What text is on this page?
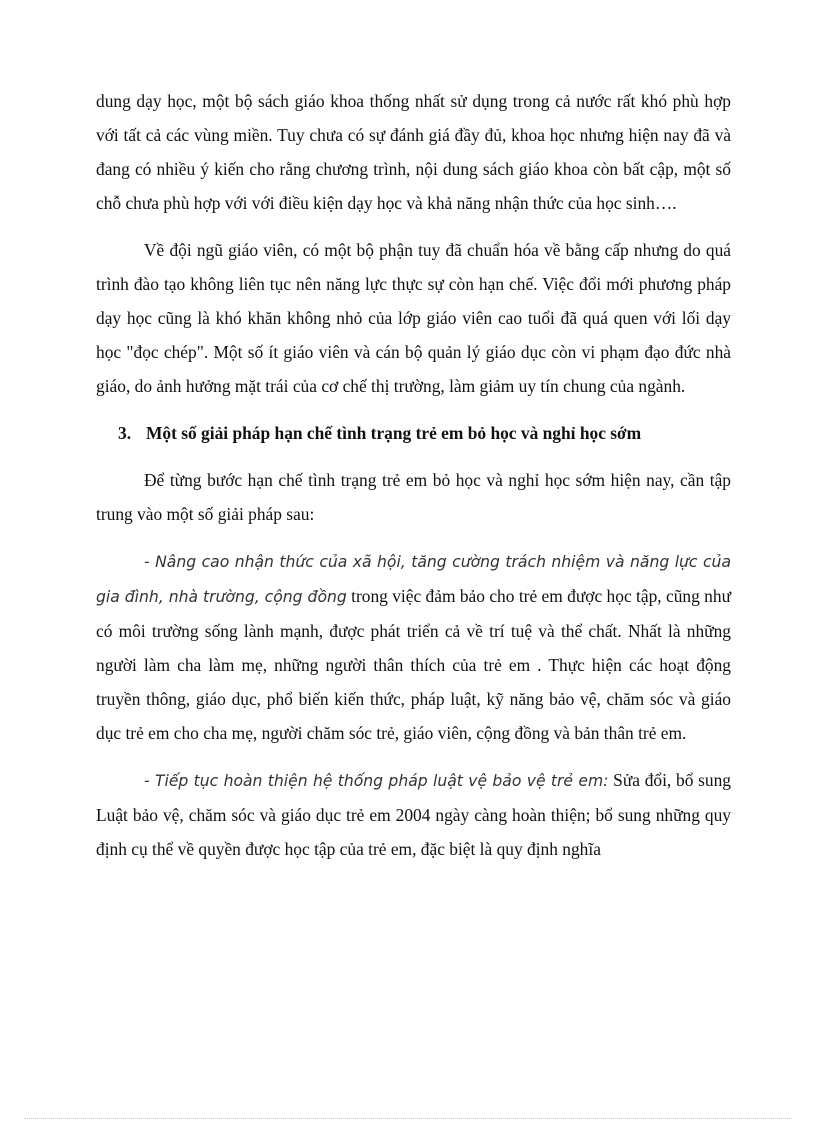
dung dạy học, một bộ sách giáo khoa thống nhất sử dụng trong cả nước rất khó phù hợp với tất cả các vùng miền. Tuy chưa có sự đánh giá đầy đủ, khoa học nhưng hiện nay đã và đang có nhiều ý kiến cho rằng chương trình, nội dung sách giáo khoa còn bất cập, một số chỗ chưa phù hợp với với điều kiện dạy học và khả năng nhận thức của học sinh….

Về đội ngũ giáo viên, có một bộ phận tuy đã chuẩn hóa về bằng cấp nhưng do quá trình đào tạo không liên tục nên năng lực thực sự còn hạn chế. Việc đổi mới phương pháp dạy học cũng là khó khăn không nhỏ của lớp giáo viên cao tuổi đã quá quen với lối dạy học "đọc chép". Một số ít giáo viên và cán bộ quản lý giáo dục còn vi phạm đạo đức nhà giáo, do ảnh hưởng mặt trái của cơ chế thị trường, làm giảm uy tín chung của ngành.

3. Một số giải pháp hạn chế tình trạng trẻ em bỏ học và nghỉ học sớm

Để từng bước hạn chế tình trạng trẻ em bỏ học và nghỉ học sớm hiện nay, cần tập trung vào một số giải pháp sau:

- Nâng cao nhận thức của xã hội, tăng cường trách nhiệm và năng lực của gia đình, nhà trường, cộng đồng trong việc đảm bảo cho trẻ em được học tập, cũng như có môi trường sống lành mạnh, được phát triển cả về trí tuệ và thể chất. Nhất là những người làm cha làm mẹ, những người thân thích của trẻ em . Thực hiện các hoạt động truyền thông, giáo dục, phổ biến kiến thức, pháp luật, kỹ năng bảo vệ, chăm sóc và giáo dục trẻ em cho cha mẹ, người chăm sóc trẻ, giáo viên, cộng đồng và bản thân trẻ em.

- Tiếp tục hoàn thiện hệ thống pháp luật vệ bảo vệ trẻ em: Sửa đổi, bổ sung Luật bảo vệ, chăm sóc và giáo dục trẻ em 2004 ngày càng hoàn thiện; bổ sung những quy định cụ thể về quyền được học tập của trẻ em, đặc biệt là quy định nghĩa
